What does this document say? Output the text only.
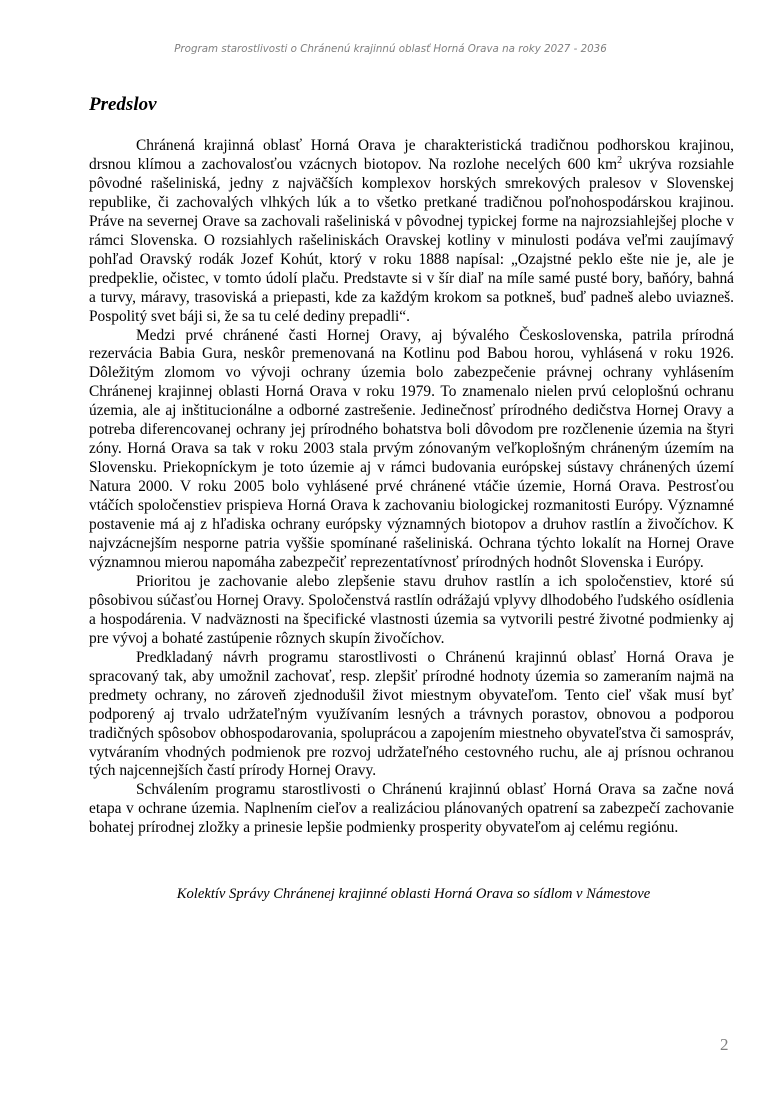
Program starostlivosti o Chránenú krajinnú oblasť Horná Orava na roky 2027 - 2036
Predslov

Chránená krajinná oblasť Horná Orava je charakteristická tradičnou podhorskou krajinou, drsnou klímou a zachovalosťou vzácnych biotopov. Na rozlohe necelých 600 $km^2$ ukrýva rozsiahle pôvodné rašeliniská, jedny z najväčších komplexov horských smrekových pralesov v Slovenskej republike, či zachovalých vlhkých lúk a to všetko pretkané tradičnou poľnohospodárskou krajinou. Práve na severnej Orave sa zachovali rašeliniská v pôvodnej typickej forme na najrozsiahlejšej ploche v rámci Slovenska. O rozsiahlych rašeliniskách Oravskej kotliny v minulosti podáva veľmi zaujímavý pohľad Oravský rodák Jozef Kohút, ktorý v roku 1888 napísal: „Ozajstné peklo ešte nie je, ale je predpeklie, očistec, v tomto údolí plaču. Predstavte si v šír diaľ na míle samé pusté bory, baňóry, bahná a turvy, máravy, trasoviská a priepasti, kde za každým krokom sa potkneš, buď padneš alebo uviazneš. Pospolitý svet báji si, že sa tu celé dediny prepadli“.

Medzi prvé chránené časti Hornej Oravy, aj bývalého Československa, patrila prírodná rezervácia Babia Gura, neskôr premenovaná na Kotlinu pod Babou horou, vyhlásená v roku 1926. Dôležitým zlomom vo vývoji ochrany územia bolo zabezpečenie právnej ochrany vyhlásením Chránenej krajinnej oblasti Horná Orava v roku 1979. To znamenalo nielen prvú celoplošnú ochranu územia, ale aj inštitucionálne a odborné zastrešenie. Jedinečnosť prírodného dedičstva Hornej Oravy a potreba diferencovanej ochrany jej prírodného bohatstva boli dôvodom pre rozčlenenie územia na štyri zóny. Horná Orava sa tak v roku 2003 stala prvým zónovaným veľkoplošným chráneným územím na Slovensku. Priekopníckym je toto územie aj v rámci budovania európskej sústavy chránených území Natura 2000. V roku 2005 bolo vyhlásené prvé chránené vtáčie územie, Horná Orava. Pestrosťou vtáčích spoločenstiev prispieva Horná Orava k zachovaniu biologickej rozmanitosti Európy. Významné postavenie má aj z hľadiska ochrany európsky významných biotopov a druhov rastlín a živočíchov. K najvzácnejším nesporne patria vyššie spomínané rašeliniská. Ochrana týchto lokalít na Hornej Orave významnou mierou napomáha zabezpečiť reprezentatívnosť prírodných hodnôt Slovenska i Európy.

Prioritou je zachovanie alebo zlepšenie stavu druhov rastlín a ich spoločenstiev, ktoré sú pôsobivou súčasťou Hornej Oravy. Spoločenstvá rastlín odrážajú vplyvy dlhodobého ľudského osídlenia a hospodárenia. V nadväznosti na špecifické vlastnosti územia sa vytvorili pestré životné podmienky aj pre vývoj a bohaté zastúpenie rôznych skupín živočíchov.

Predkladaný návrh programu starostlivosti o Chránenú krajinnú oblasť Horná Orava je spracovaný tak, aby umožnil zachovať, resp. zlepšiť prírodné hodnoty územia so zameraním najmä na predmety ochrany, no zároveň zjednodušil život miestnym obyvateľom. Tento cieľ však musí byť podporený aj trvalo udržateľným využívaním lesných a trávnych porastov, obnovou a podporou tradičných spôsobov obhospodarovania, spoluprácou a zapojením miestneho obyvateľstva či samospráv, vytváraním vhodných podmienok pre rozvoj udržateľného cestovného ruchu, ale aj prísnou ochranou tých najcennejších častí prírody Hornej Oravy.

Schválením programu starostlivosti o Chránenú krajinnú oblasť Horná Orava sa začne nová etapa v ochrane územia. Naplnením cieľov a realizáciou plánovaných opatrení sa zabezpečí zachovanie bohatej prírodnej zložky a prinesie lepšie podmienky prosperity obyvateľom aj celému regiónu.

Kolektív Správy Chránenej krajinné oblasti Horná Orava so sídlom v Námestove
2
